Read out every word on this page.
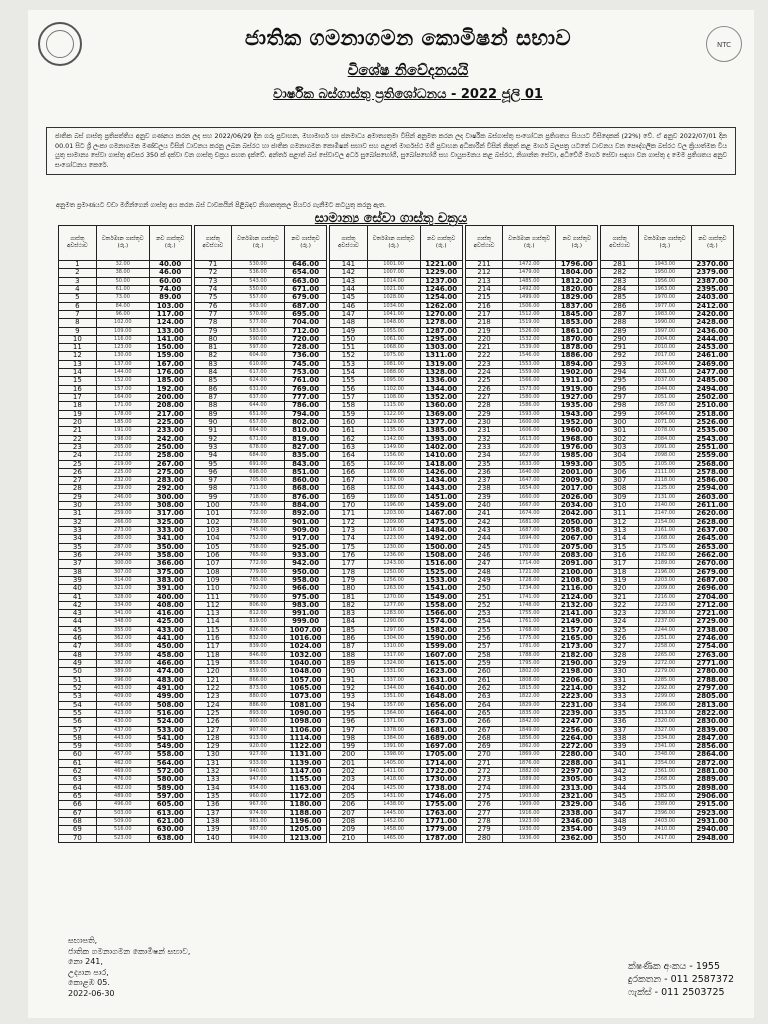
NTC
ජාතික ගමනාගමන කොමිෂන් සභාව
විශේෂ නිවේදනයයි
වාර්ෂික බස්ගාස්තු ප්‍රතිශෝධනය - 2022 ජූලි 01
ජාතික බස් ගාස්තු ප්‍රතිපත්තිය අනුව ගණනය කරන ලද සහ 2022/06/29 දින ගරු ප්‍රවාහන, මහාමාර්ග හා ජනමාධ්‍ය අමාත්‍යතුමා විසින් අනුමත කරන ලද වාර්ෂික බස්ගාස්තු සංශෝධන ප්‍රතිශතය සියයට විසිදෙකක් (22%) වේ. ඒ අනුව 2022/07/01 දින 00.01 සිට ශ්‍රී ලංකා ගමනාගමන මණ්ඩලය විසින් ධාවනය කරනු ලබන බස්රථ හා ජාතික ගමනාගමන කොමිෂන් සභාව සහ පළාත් මාර්ගස්ථ මගී ප්‍රවාහන අධිකාරීන් විසින් නිකුත් කළ මාර්ග බලපත්‍ර යටතේ ධාවනය වන පෞද්ගලික බස්රථ වල ක්‍රියාත්මක විය යුතු සාමාන්‍ය සේවා ගාස්තු අවසර 350 ක් දක්වා වන ගාස්තු චක්‍රය පහත දැක්වේ. අන්තර් පළාත් බස් සේවාවල අර්ධ සුඛෝපභෝගී, සුඛෝපභෝගී සහ වායුසමනය කළ බස්රථ, නිශාන්ත සේවා, අධිවේගී මාර්ග සේවා සඳහා වන ගාස්තු ද මෙම ප්‍රතිශතය අනුව සංශෝධනය කෙරේ.
අනුමත ප්‍රමාණයට වඩා මගීන්ගෙන් ගාස්තු අය කරන බස් ධාවකයින් පිළිබඳව නිශාකතුකල පියවර ගැනීමට කටයුතු කරනු ඇත.
සාමාන්‍ය සේවා ගාස්තු චක්‍රය
ගාස්තු අවස්ථාව	වර්තමාන ගාස්තුව (රු.)	නව ගාස්තුව (රු.)
1	32.00	40.00
2	38.00	46.00
3	50.00	60.00
4	61.00	74.00
5	73.00	89.00
6	84.00	103.00
7	96.00	117.00
8	102.00	124.00
9	109.00	133.00
10	116.00	141.00
11	123.00	150.00
12	130.00	159.00
13	137.00	167.00
14	144.00	176.00
15	152.00	185.00
16	157.00	192.00
17	164.00	200.00
18	171.00	208.00
19	178.00	217.00
20	185.00	225.00
21	191.00	233.00
22	198.00	242.00
23	205.00	250.00
24	212.00	258.00
25	219.00	267.00
26	225.00	275.00
27	232.00	283.00
28	239.00	292.00
29	246.00	300.00
30	253.00	308.00
31	259.00	317.00
32	266.00	325.00
33	273.00	333.00
34	280.00	341.00
35	287.00	350.00
36	294.00	358.00
37	300.00	366.00
38	307.00	375.00
39	314.00	383.00
40	321.00	391.00
41	328.00	400.00
42	334.00	408.00
43	341.00	416.00
44	348.00	425.00
45	355.00	433.00
46	362.00	441.00
47	368.00	450.00
48	375.00	458.00
49	382.00	466.00
50	389.00	474.00
51	396.00	483.00
52	403.00	491.00
53	409.00	499.00
54	416.00	508.00
55	423.00	516.00
56	430.00	524.00
57	437.00	533.00
58	443.00	541.00
59	450.00	549.00
60	457.00	558.00
61	462.00	564.00
62	469.00	572.00
63	476.00	580.00
64	482.00	589.00
65	489.00	597.00
66	496.00	605.00
67	503.00	613.00
68	509.00	621.00
69	516.00	630.00
70	523.00	638.00
ගාස්තු අවස්ථාව	වර්තමාන ගාස්තුව (රු.)	නව ගාස්තුව (රු.)
71	530.00	646.00
72	536.00	654.00
73	543.00	663.00
74	550.00	671.00
75	557.00	679.00
76	563.00	687.00
77	570.00	695.00
78	577.00	704.00
79	583.00	712.00
80	590.00	720.00
81	597.00	728.00
82	604.00	736.00
83	610.00	745.00
84	617.00	753.00
85	624.00	761.00
86	631.00	769.00
87	637.00	777.00
88	644.00	786.00
89	651.00	794.00
90	657.00	802.00
91	664.00	810.00
92	671.00	819.00
93	678.00	827.00
94	684.00	835.00
95	691.00	843.00
96	698.00	851.00
97	705.00	860.00
98	711.00	868.00
99	718.00	876.00
100	725.00	884.00
101	732.00	892.00
102	738.00	901.00
103	745.00	909.00
104	752.00	917.00
105	758.00	925.00
106	765.00	933.00
107	772.00	942.00
108	779.00	950.00
109	785.00	958.00
110	792.00	966.00
111	799.00	975.00
112	806.00	983.00
113	812.00	991.00
114	819.00	999.00
115	826.00	1007.00
116	832.00	1016.00
117	839.00	1024.00
118	846.00	1032.00
119	853.00	1040.00
120	859.00	1048.00
121	866.00	1057.00
122	873.00	1065.00
123	880.00	1073.00
124	886.00	1081.00
125	893.00	1090.00
126	900.00	1098.00
127	907.00	1106.00
128	913.00	1114.00
129	920.00	1122.00
130	927.00	1131.00
131	933.00	1139.00
132	940.00	1147.00
133	947.00	1155.00
134	954.00	1163.00
135	960.00	1172.00
136	967.00	1180.00
137	974.00	1188.00
138	981.00	1196.00
139	987.00	1205.00
140	994.00	1213.00
ගාස්තු අවස්ථාව	වර්තමාන ගාස්තුව (රු.)	නව ගාස්තුව (රු.)
141	1001.00	1221.00
142	1007.00	1229.00
143	1014.00	1237.00
144	1021.00	1246.00
145	1028.00	1254.00
146	1034.00	1262.00
147	1041.00	1270.00
148	1048.00	1278.00
149	1055.00	1287.00
150	1061.00	1295.00
151	1068.00	1303.00
152	1075.00	1311.00
153	1081.00	1319.00
154	1088.00	1328.00
155	1095.00	1336.00
156	1102.00	1344.00
157	1108.00	1352.00
158	1115.00	1360.00
159	1122.00	1369.00
160	1129.00	1377.00
161	1135.00	1385.00
162	1142.00	1393.00
163	1149.00	1402.00
164	1156.00	1410.00
165	1162.00	1418.00
166	1169.00	1426.00
167	1176.00	1434.00
168	1182.00	1443.00
169	1189.00	1451.00
170	1196.00	1459.00
171	1203.00	1467.00
172	1209.00	1475.00
173	1216.00	1484.00
174	1223.00	1492.00
175	1230.00	1500.00
176	1236.00	1508.00
177	1243.00	1516.00
178	1250.00	1525.00
179	1256.00	1533.00
180	1263.00	1541.00
181	1270.00	1549.00
182	1277.00	1558.00
183	1283.00	1566.00
184	1290.00	1574.00
185	1297.00	1582.00
186	1304.00	1590.00
187	1310.00	1599.00
188	1317.00	1607.00
189	1324.00	1615.00
190	1331.00	1623.00
191	1337.00	1631.00
192	1344.00	1640.00
193	1351.00	1648.00
194	1357.00	1656.00
195	1364.00	1664.00
196	1371.00	1673.00
197	1378.00	1681.00
198	1384.00	1689.00
199	1391.00	1697.00
200	1398.00	1705.00
201	1405.00	1714.00
202	1411.00	1722.00
203	1418.00	1730.00
204	1425.00	1738.00
205	1431.00	1746.00
206	1438.00	1755.00
207	1445.00	1763.00
208	1452.00	1771.00
209	1458.00	1779.00
210	1465.00	1787.00
ගාස්තු අවස්ථාව	වර්තමාන ගාස්තුව (රු.)	නව ගාස්තුව (රු.)
211	1472.00	1796.00
212	1479.00	1804.00
213	1485.00	1812.00
214	1492.00	1820.00
215	1499.00	1829.00
216	1506.00	1837.00
217	1512.00	1845.00
218	1519.00	1853.00
219	1526.00	1861.00
220	1532.00	1870.00
221	1539.00	1878.00
222	1546.00	1886.00
223	1553.00	1894.00
224	1559.00	1902.00
225	1566.00	1911.00
226	1573.00	1919.00
227	1580.00	1927.00
228	1586.00	1935.00
229	1593.00	1943.00
230	1600.00	1952.00
231	1606.00	1960.00
232	1613.00	1968.00
233	1620.00	1976.00
234	1627.00	1985.00
235	1633.00	1993.00
236	1640.00	2001.00
237	1647.00	2009.00
238	1654.00	2017.00
239	1660.00	2026.00
240	1667.00	2034.00
241	1674.00	2042.00
242	1681.00	2050.00
243	1687.00	2058.00
244	1694.00	2067.00
245	1701.00	2075.00
246	1707.00	2083.00
247	1714.00	2091.00
248	1721.00	2100.00
249	1728.00	2108.00
250	1734.00	2116.00
251	1741.00	2124.00
252	1748.00	2132.00
253	1755.00	2141.00
254	1761.00	2149.00
255	1768.00	2157.00
256	1775.00	2165.00
257	1781.00	2173.00
258	1788.00	2182.00
259	1795.00	2190.00
260	1802.00	2198.00
261	1808.00	2206.00
262	1815.00	2214.00
263	1822.00	2223.00
264	1829.00	2231.00
265	1835.00	2239.00
266	1842.00	2247.00
267	1849.00	2256.00
268	1856.00	2264.00
269	1862.00	2272.00
270	1869.00	2280.00
271	1876.00	2288.00
272	1882.00	2297.00
273	1889.00	2305.00
274	1896.00	2313.00
275	1903.00	2321.00
276	1909.00	2329.00
277	1916.00	2338.00
278	1923.00	2346.00
279	1930.00	2354.00
280	1936.00	2362.00
ගාස්තු අවස්ථාව	වර්තමාන ගාස්තුව (රු.)	නව ගාස්තුව (රු.)
281	1943.00	2370.00
282	1950.00	2379.00
283	1956.00	2387.00
284	1963.00	2395.00
285	1970.00	2403.00
286	1977.00	2412.00
287	1983.00	2420.00
288	1990.00	2428.00
289	1997.00	2436.00
290	2004.00	2444.00
291	2010.00	2453.00
292	2017.00	2461.00
293	2024.00	2469.00
294	2031.00	2477.00
295	2037.00	2485.00
296	2044.00	2494.00
297	2051.00	2502.00
298	2057.00	2510.00
299	2064.00	2518.00
300	2071.00	2526.00
301	2078.00	2535.00
302	2084.00	2543.00
303	2091.00	2551.00
304	2098.00	2559.00
305	2105.00	2568.00
306	2111.00	2578.00
307	2118.00	2586.00
308	2125.00	2594.00
309	2131.00	2603.00
310	2140.00	2611.00
311	2147.00	2620.00
312	2154.00	2628.00
313	2161.00	2637.00
314	2168.00	2645.00
315	2175.00	2653.00
316	2182.00	2662.00
317	2189.00	2670.00
318	2196.00	2679.00
319	2203.00	2687.00
320	2209.00	2696.00
321	2216.00	2704.00
322	2223.00	2712.00
323	2230.00	2721.00
324	2237.00	2729.00
325	2244.00	2738.00
326	2251.00	2746.00
327	2258.00	2754.00
328	2265.00	2763.00
329	2272.00	2771.00
330	2279.00	2780.00
331	2285.00	2788.00
332	2292.00	2797.00
333	2299.00	2805.00
334	2306.00	2813.00
335	2313.00	2822.00
336	2320.00	2830.00
337	2327.00	2839.00
338	2334.00	2847.00
339	2341.00	2856.00
340	2348.00	2864.00
341	2354.00	2872.00
342	2361.00	2881.00
343	2368.00	2889.00
344	2375.00	2898.00
345	2382.00	2906.00
346	2389.00	2915.00
347	2396.00	2923.00
348	2403.00	2931.00
349	2410.00	2940.00
350	2417.00	2948.00
සභාපති,
ජාතික ගමනාගමන කොමිෂන් සභාව,
නො 241,
උද්‍යාන පාර,
කොළඹ 05.
2022-06-30
ක්ෂණික අංකය - 1955
දුරකතන - 011 2587372
ෆැක්ස් - 011 2503725
